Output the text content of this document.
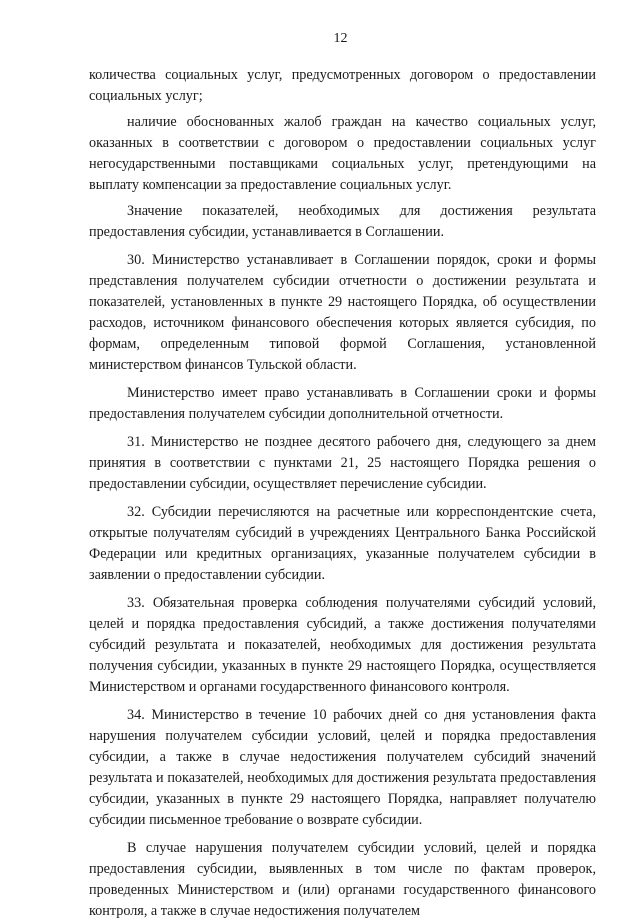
12

количества социальных услуг, предусмотренных договором о предоставлении социальных услуг;

наличие обоснованных жалоб граждан на качество социальных услуг, оказанных в соответствии с договором о предоставлении социальных услуг негосударственными поставщиками социальных услуг, претендующими на выплату компенсации за предоставление социальных услуг.

Значение показателей, необходимых для достижения результата предоставления субсидии, устанавливается в Соглашении.

30. Министерство устанавливает в Соглашении порядок, сроки и формы представления получателем субсидии отчетности о достижении результата и показателей, установленных в пункте 29 настоящего Порядка, об осуществлении расходов, источником финансового обеспечения которых является субсидия, по формам, определенным типовой формой Соглашения, установленной министерством финансов Тульской области.

Министерство имеет право устанавливать в Соглашении сроки и формы предоставления получателем субсидии дополнительной отчетности.

31. Министерство не позднее десятого рабочего дня, следующего за днем принятия в соответствии с пунктами 21, 25 настоящего Порядка решения о предоставлении субсидии, осуществляет перечисление субсидии.

32. Субсидии перечисляются на расчетные или корреспондентские счета, открытые получателям субсидий в учреждениях Центрального Банка Российской Федерации или кредитных организациях, указанные получателем субсидии в заявлении о предоставлении субсидии.

33. Обязательная проверка соблюдения получателями субсидий условий, целей и порядка предоставления субсидий, а также достижения получателями субсидий результата и показателей, необходимых для достижения результата получения субсидии, указанных в пункте 29 настоящего Порядка, осуществляется Министерством и органами государственного финансового контроля.

34. Министерство в течение 10 рабочих дней со дня установления факта нарушения получателем субсидии условий, целей и порядка предоставления субсидии, а также в случае недостижения получателем субсидий значений результата и показателей, необходимых для достижения результата предоставления субсидии, указанных в пункте 29 настоящего Порядка, направляет получателю субсидии письменное требование о возврате субсидии.

В случае нарушения получателем субсидии условий, целей и порядка предоставления субсидии, выявленных в том числе по фактам проверок, проведенных Министерством и (или) органами государственного финансового контроля, а также в случае недостижения получателем
